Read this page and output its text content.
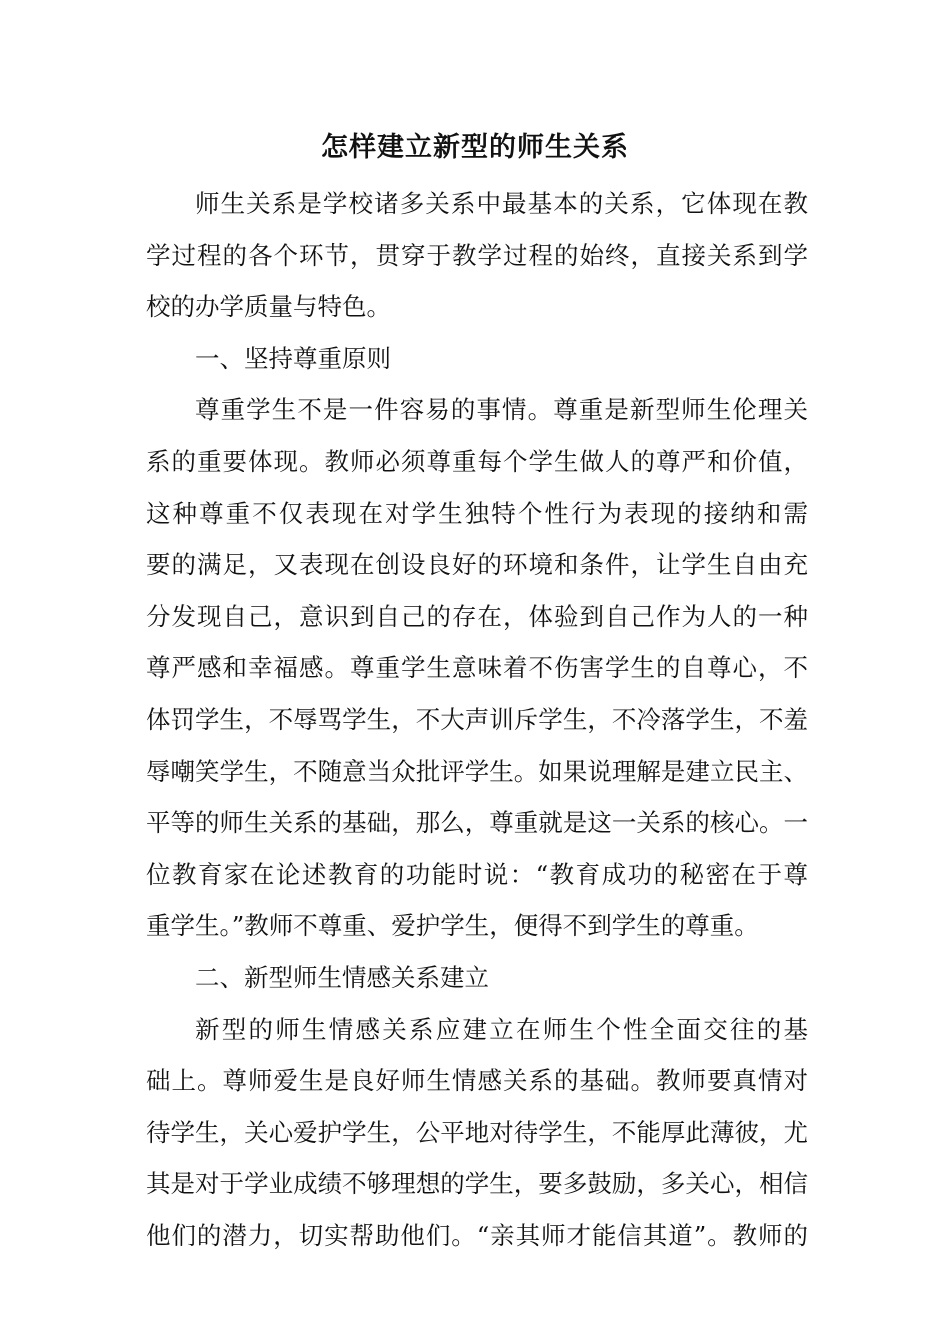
怎样建立新型的师生关系
师生关系是学校诸多关系中最基本的关系，它体现在教
学过程的各个环节，贯穿于教学过程的始终，直接关系到学
校的办学质量与特色。
一、坚持尊重原则
尊重学生不是一件容易的事情。尊重是新型师生伦理关
系的重要体现。教师必须尊重每个学生做人的尊严和价值，
这种尊重不仅表现在对学生独特个性行为表现的接纳和需
要的满足，又表现在创设良好的环境和条件，让学生自由充
分发现自己，意识到自己的存在，体验到自己作为人的一种
尊严感和幸福感。尊重学生意味着不伤害学生的自尊心，不
体罚学生，不辱骂学生，不大声训斥学生，不冷落学生，不羞
辱嘲笑学生，不随意当众批评学生。如果说理解是建立民主、
平等的师生关系的基础，那么，尊重就是这一关系的核心。一
位教育家在论述教育的功能时说：“教育成功的秘密在于尊
重学生。”教师不尊重、爱护学生，便得不到学生的尊重。
二、新型师生情感关系建立
新型的师生情感关系应建立在师生个性全面交往的基
础上。尊师爱生是良好师生情感关系的基础。教师要真情对
待学生，关心爱护学生，公平地对待学生，不能厚此薄彼，尤
其是对于学业成绩不够理想的学生，要多鼓励，多关心，相信
他们的潜力，切实帮助他们。“亲其师才能信其道”。教师的
